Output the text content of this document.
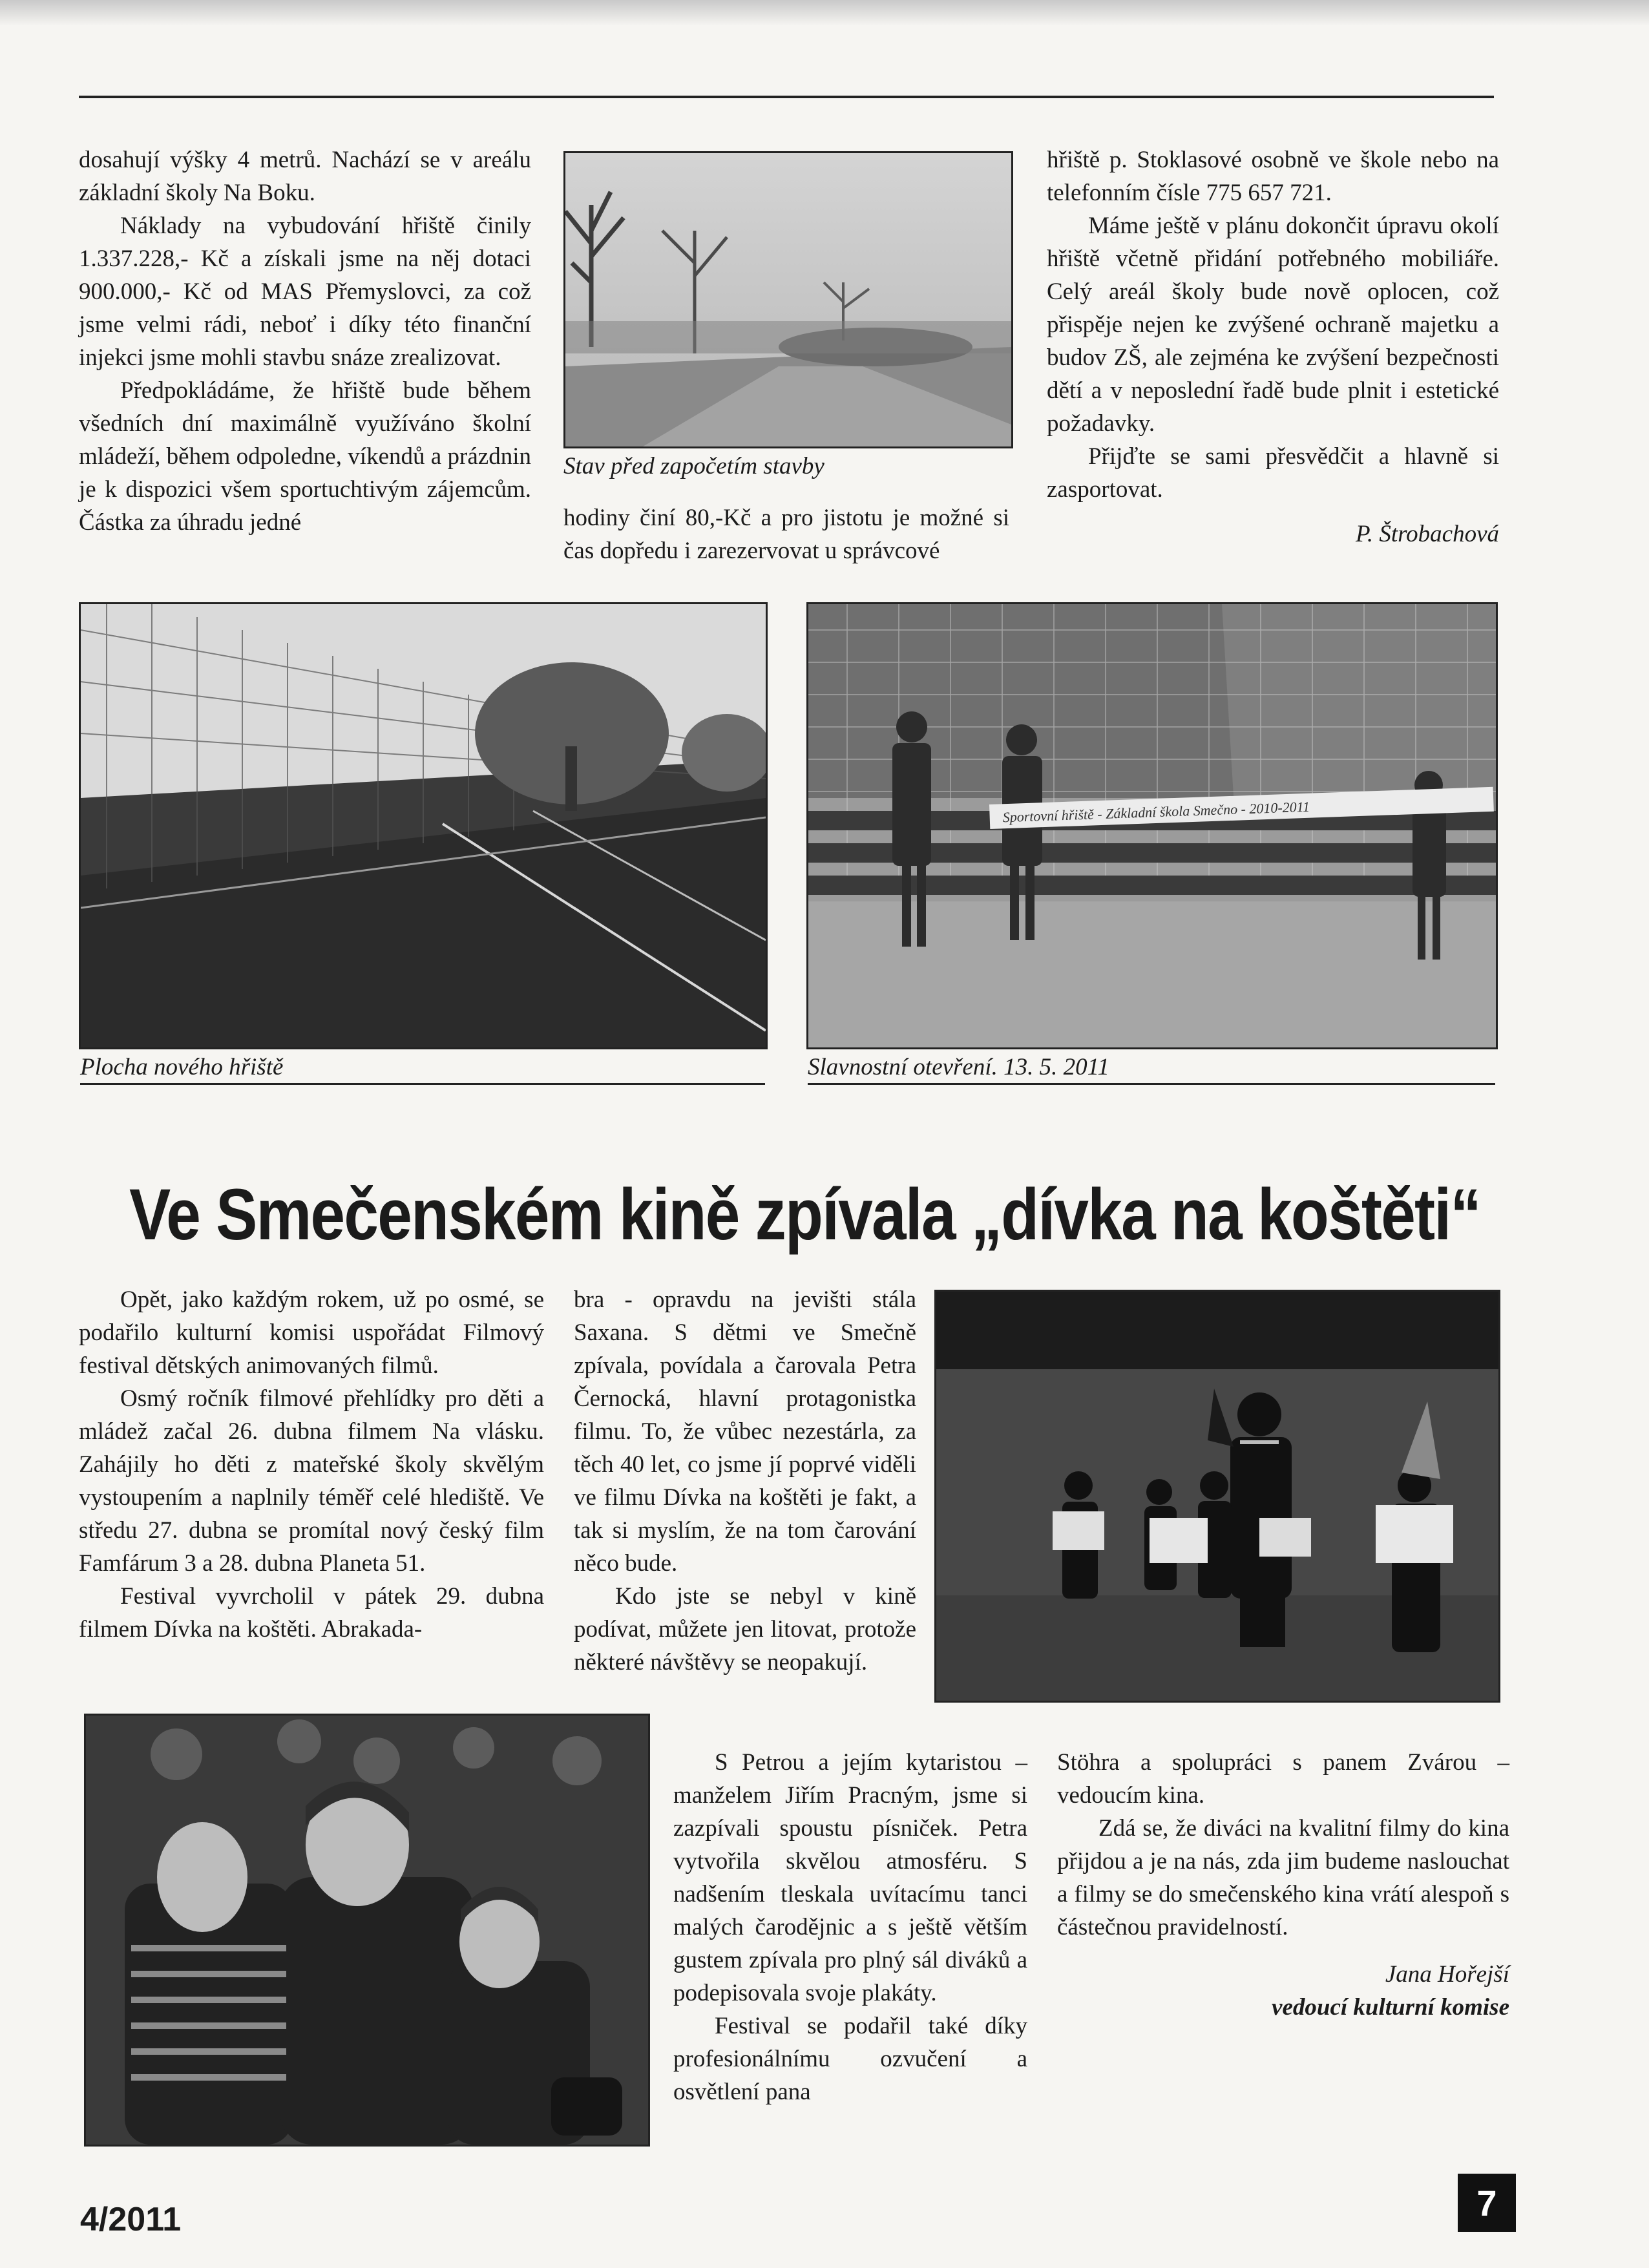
dosahují výšky 4 metrů. Nachází se v areálu základní školy Na Boku.

Náklady na vybudování hřiště činily 1.337.228,- Kč a získali jsme na něj dotaci 900.000,- Kč od MAS Přemyslovci, za což jsme velmi rádi, neboť i díky této finanční injekci jsme mohli stavbu snáze zrealizovat.

Předpokládáme, že hřiště bude během všedních dní maximálně využíváno školní mládeží, během odpoledne, víkendů a prázdnin je k dispozici všem sportuchtivým zájemcům. Částka za úhradu jedné

Stav před započetím stavby

hodiny činí 80,-Kč a pro jistotu je možné si čas dopředu i zarezervovat u správcové

hřiště p. Stoklasové osobně ve škole nebo na telefonním čísle 775 657 721.

Máme ještě v plánu dokončit úpravu okolí hřiště včetně přidání potřebného mobiliáře. Celý areál školy bude nově oplocen, což přispěje nejen ke zvýšené ochraně majetku a budov ZŠ, ale zejména ke zvýšení bezpečnosti dětí a v neposlední řadě bude plnit i estetické požadavky.

Přijďte se sami přesvědčit a hlavně si zasportovat.

P. Štrobachová

Plocha nového hřiště
Sportovní hřiště - Základní škola Smečno - 2010-2011
Slavnostní otevření. 13. 5. 2011
Ve Smečenském kině zpívala „dívka na koštěti“

Opět, jako každým rokem, už po osmé, se podařilo kulturní komisi uspořádat Filmový festival dětských animovaných filmů.

Osmý ročník filmové přehlídky pro děti a mládež začal 26. dubna filmem Na vlásku. Zahájily ho děti z mateřské školy skvělým vystoupením a naplnily téměř celé hlediště. Ve středu 27. dubna se promítal nový český film Famfárum 3 a 28. dubna Planeta 51.

Festival vyvrcholil v pátek 29. dubna filmem Dívka na koštěti. Abrakada-

bra - opravdu na jevišti stála Saxana. S dětmi ve Smečně zpívala, povídala a čarovala Petra Černocká, hlavní protagonistka filmu. To, že vůbec nezestárla, za těch 40 let, co jsme jí poprvé viděli ve filmu Dívka na koštěti je fakt, a tak si myslím, že na tom čarování něco bude.

Kdo jste se nebyl v kině podívat, můžete jen litovat, protože některé návštěvy se neopakují.

S Petrou a jejím kytaristou – manželem Jiřím Pracným, jsme si zazpívali spoustu písniček. Petra vytvořila skvělou atmosféru. S nadšením tleskala uvítacímu tanci malých čarodějnic a s ještě větším gustem zpívala pro plný sál diváků a podepisovala svoje plakáty.

Festival se podařil také díky profesionálnímu ozvučení a osvětlení pana

Stöhra a spolupráci s panem Zvárou – vedoucím kina.

Zdá se, že diváci na kvalitní filmy do kina přijdou a je na nás, zda jim budeme naslouchat a filmy se do smečenského kina vrátí alespoň s částečnou pravidelností.

Jana Hořejší

vedoucí kulturní komise

4/2011	7
